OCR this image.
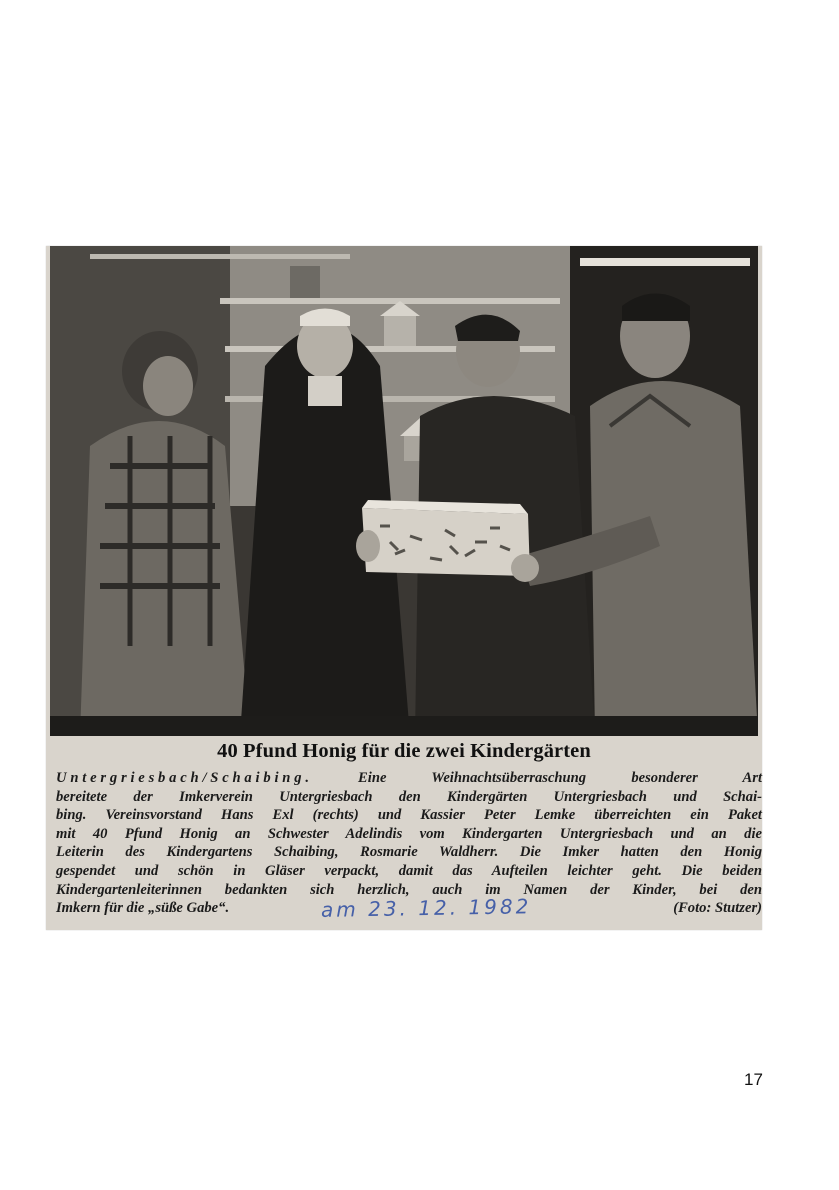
40 Pfund Honig für die zwei Kindergärten
Untergriesbach/Schaibing. Eine Weihnachtsüberraschung besonderer Art
bereitete der Imkerverein Untergriesbach den Kindergärten Untergriesbach und Schai-
bing. Vereinsvorstand Hans Exl (rechts) und Kassier Peter Lemke überreichten ein Paket
mit 40 Pfund Honig an Schwester Adelindis vom Kindergarten Untergriesbach und an die
Leiterin des Kindergartens Schaibing, Rosmarie Waldherr. Die Imker hatten den Honig
gespendet und schön in Gläser verpackt, damit das Aufteilen leichter geht. Die beiden
Kindergartenleiterinnen bedankten sich herzlich, auch im Namen der Kinder, bei den
Imkern für die „süße Gabe“.	(Foto: Stutzer)
am 23. 12. 1982
17
